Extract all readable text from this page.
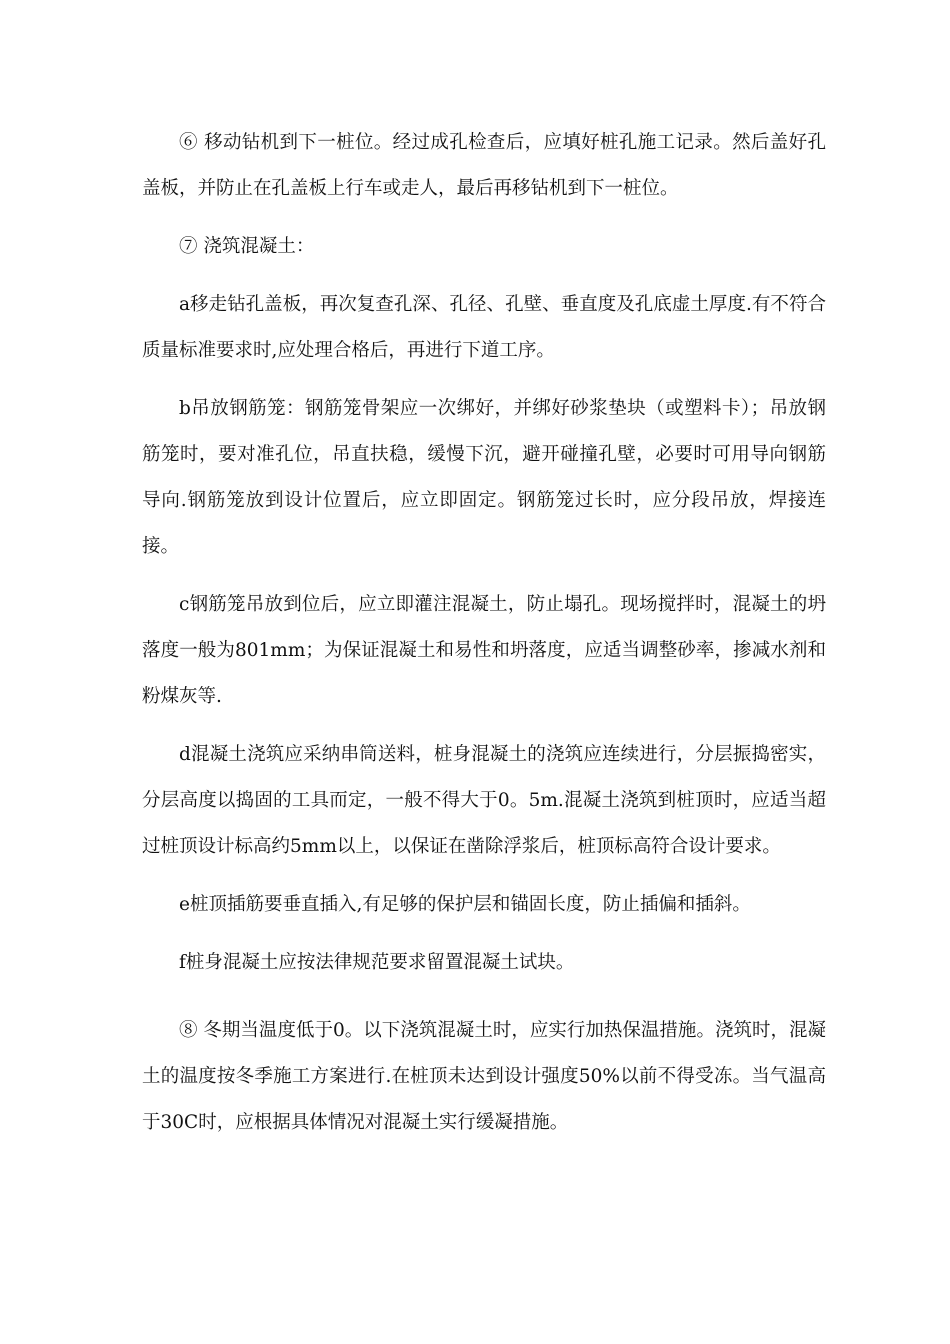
⑥ 移动钻机到下一桩位。经过成孔检查后，应填好桩孔施工记录。然后盖好孔盖板，并防止在孔盖板上行车或走人，最后再移钻机到下一桩位。

⑦ 浇筑混凝土：

a移走钻孔盖板，再次复查孔深、孔径、孔壁、垂直度及孔底虚土厚度.有不符合质量标准要求时,应处理合格后，再进行下道工序。

b吊放钢筋笼：钢筋笼骨架应一次绑好，并绑好砂浆垫块（或塑料卡）；吊放钢筋笼时，要对准孔位，吊直扶稳，缓慢下沉，避开碰撞孔壁，必要时可用导向钢筋导向.钢筋笼放到设计位置后，应立即固定。钢筋笼过长时，应分段吊放，焊接连接。

c钢筋笼吊放到位后，应立即灌注混凝土，防止塌孔。现场搅拌时，混凝土的坍落度一般为801mm；为保证混凝土和易性和坍落度，应适当调整砂率，掺减水剂和粉煤灰等.

d混凝土浇筑应采纳串筒送料，桩身混凝土的浇筑应连续进行，分层振捣密实，分层高度以捣固的工具而定，一般不得大于0。5m.混凝土浇筑到桩顶时，应适当超过桩顶设计标高约5mm以上，以保证在凿除浮浆后，桩顶标高符合设计要求。

e桩顶插筋要垂直插入,有足够的保护层和锚固长度，防止插偏和插斜。

f桩身混凝土应按法律规范要求留置混凝土试块。

⑧ 冬期当温度低于0。以下浇筑混凝土时，应实行加热保温措施。浇筑时，混凝土的温度按冬季施工方案进行.在桩顶未达到设计强度50%以前不得受冻。当气温高于30C时，应根据具体情况对混凝土实行缓凝措施。
